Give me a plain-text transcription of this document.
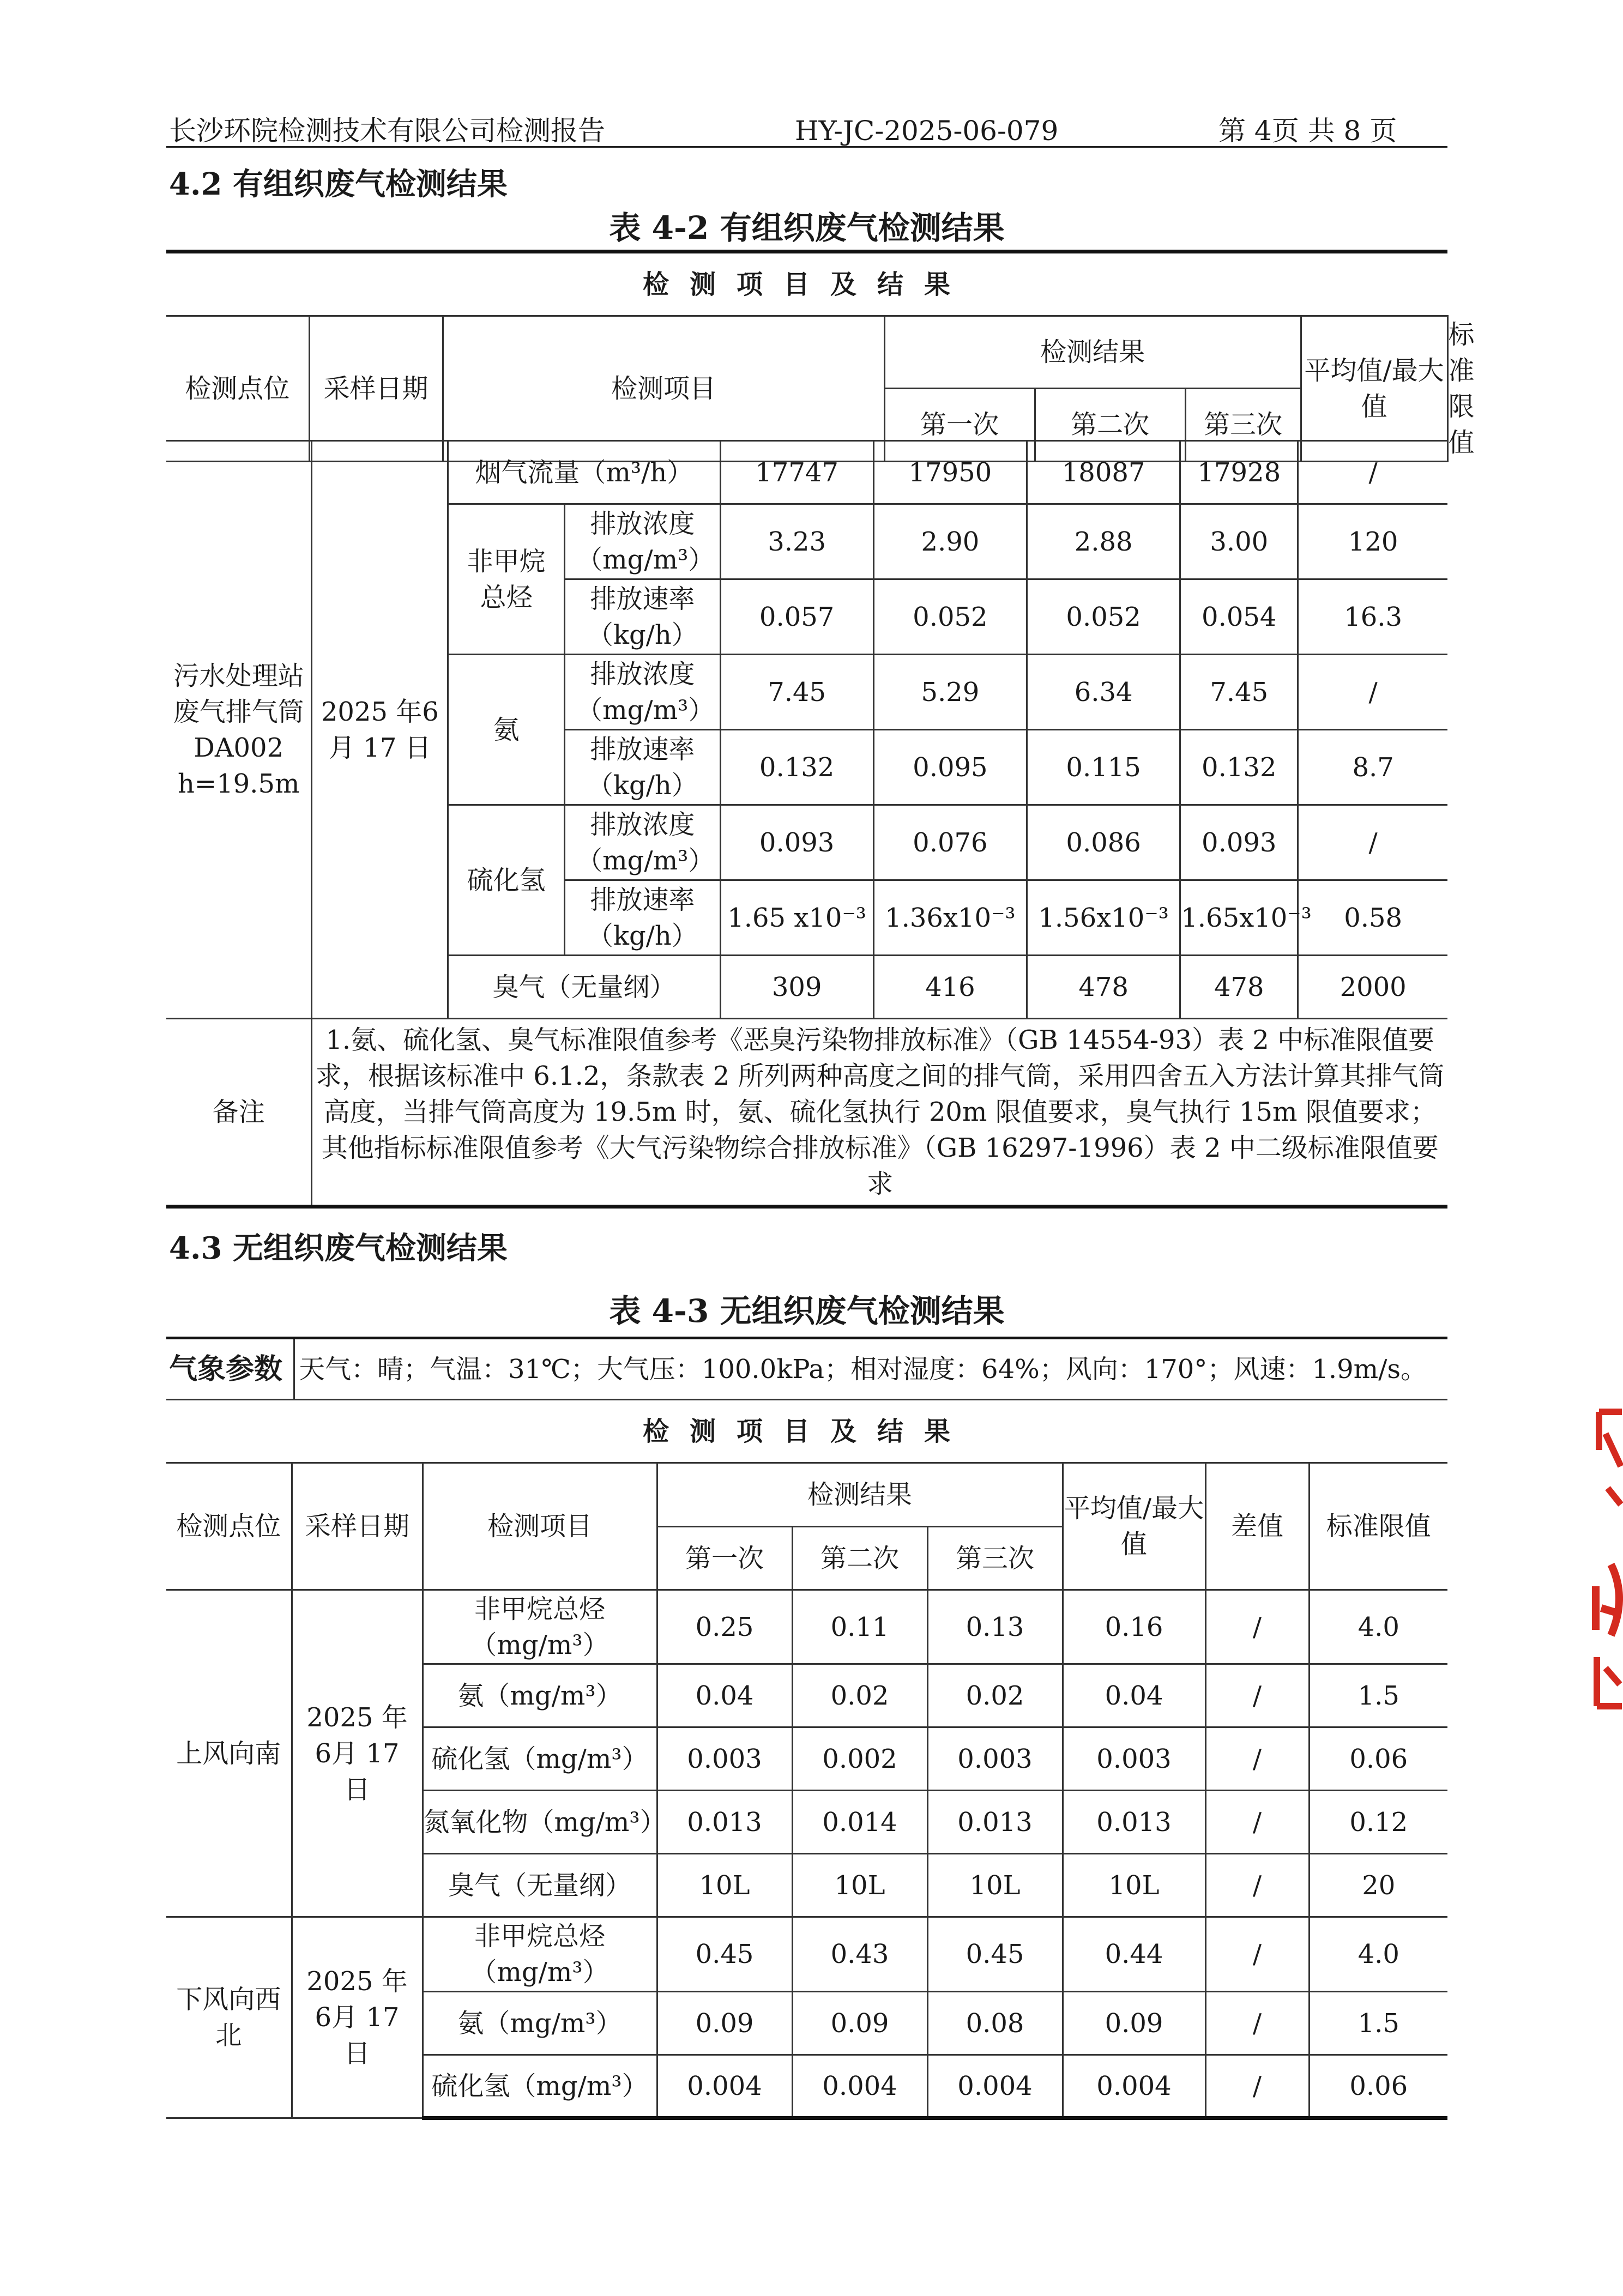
长沙环院检测技术有限公司检测报告	HY-JC-2025-06-079	第 4页 共 8 页
4.2 有组织废气检测结果
表 4-2 有组织废气检测结果
检测项目及结果							
检测点位	采样日期	检测项目	检测结果			平均值/最大值	标准限值
			第一次	第二次	第三次		
污水处理站废气排气筒DA002 h=19.5m	2025 年6月 17 日	烟气流量（m³/h）		17747	17950	18087	17928	/
		非甲烷总烃	排放浓度（mg/m³）	3.23	2.90	2.88	3.00	120
			排放速率（kg/h）	0.057	0.052	0.052	0.054	16.3
		氨	排放浓度（mg/m³）	7.45	5.29	6.34	7.45	/
			排放速率（kg/h）	0.132	0.095	0.115	0.132	8.7
		硫化氢	排放浓度（mg/m³）	0.093	0.076	0.086	0.093	/
			排放速率（kg/h）	1.65 x10⁻³	1.36x10⁻³	1.56x10⁻³	1.65x10⁻³	0.58
		臭气（无量纲）		309	416	478	478	2000
备注	1.氨、硫化氢、臭气标准限值参考《恶臭污染物排放标准》（GB 14554-93）表 2 中标准限值要求，根据该标准中 6.1.2，条款表 2 所列两种高度之间的排气筒，采用四舍五入方法计算其排气筒高度，当排气筒高度为 19.5m 时，氨、硫化氢执行 20m 限值要求，臭气执行 15m 限值要求；其他指标标准限值参考《大气污染物综合排放标准》（GB 16297-1996）表 2 中二级标准限值要求							
4.3 无组织废气检测结果
表 4-3 无组织废气检测结果
气象参数 天气：晴；气温：31℃；大气压：100.0kPa；相对湿度：64%；风向：170°；风速：1.9m/s。
检测项目及结果								
检测点位	采样日期	检测项目	检测结果			平均值/最大值	差值	标准限值
			第一次	第二次	第三次			
上风向南	2025 年6月 17 日	非甲烷总烃（mg/m³）	0.25	0.11	0.13	0.16	/	4.0
		氨（mg/m³）	0.04	0.02	0.02	0.04	/	1.5
		硫化氢（mg/m³）	0.003	0.002	0.003	0.003	/	0.06
		氮氧化物（mg/m³）	0.013	0.014	0.013	0.013	/	0.12
		臭气（无量纲）	10L	10L	10L	10L	/	20
下风向西北	2025 年6月 17 日	非甲烷总烃（mg/m³）	0.45	0.43	0.45	0.44	/	4.0
		氨（mg/m³）	0.09	0.09	0.08	0.09	/	1.5
		硫化氢（mg/m³）	0.004	0.004	0.004	0.004	/	0.06
